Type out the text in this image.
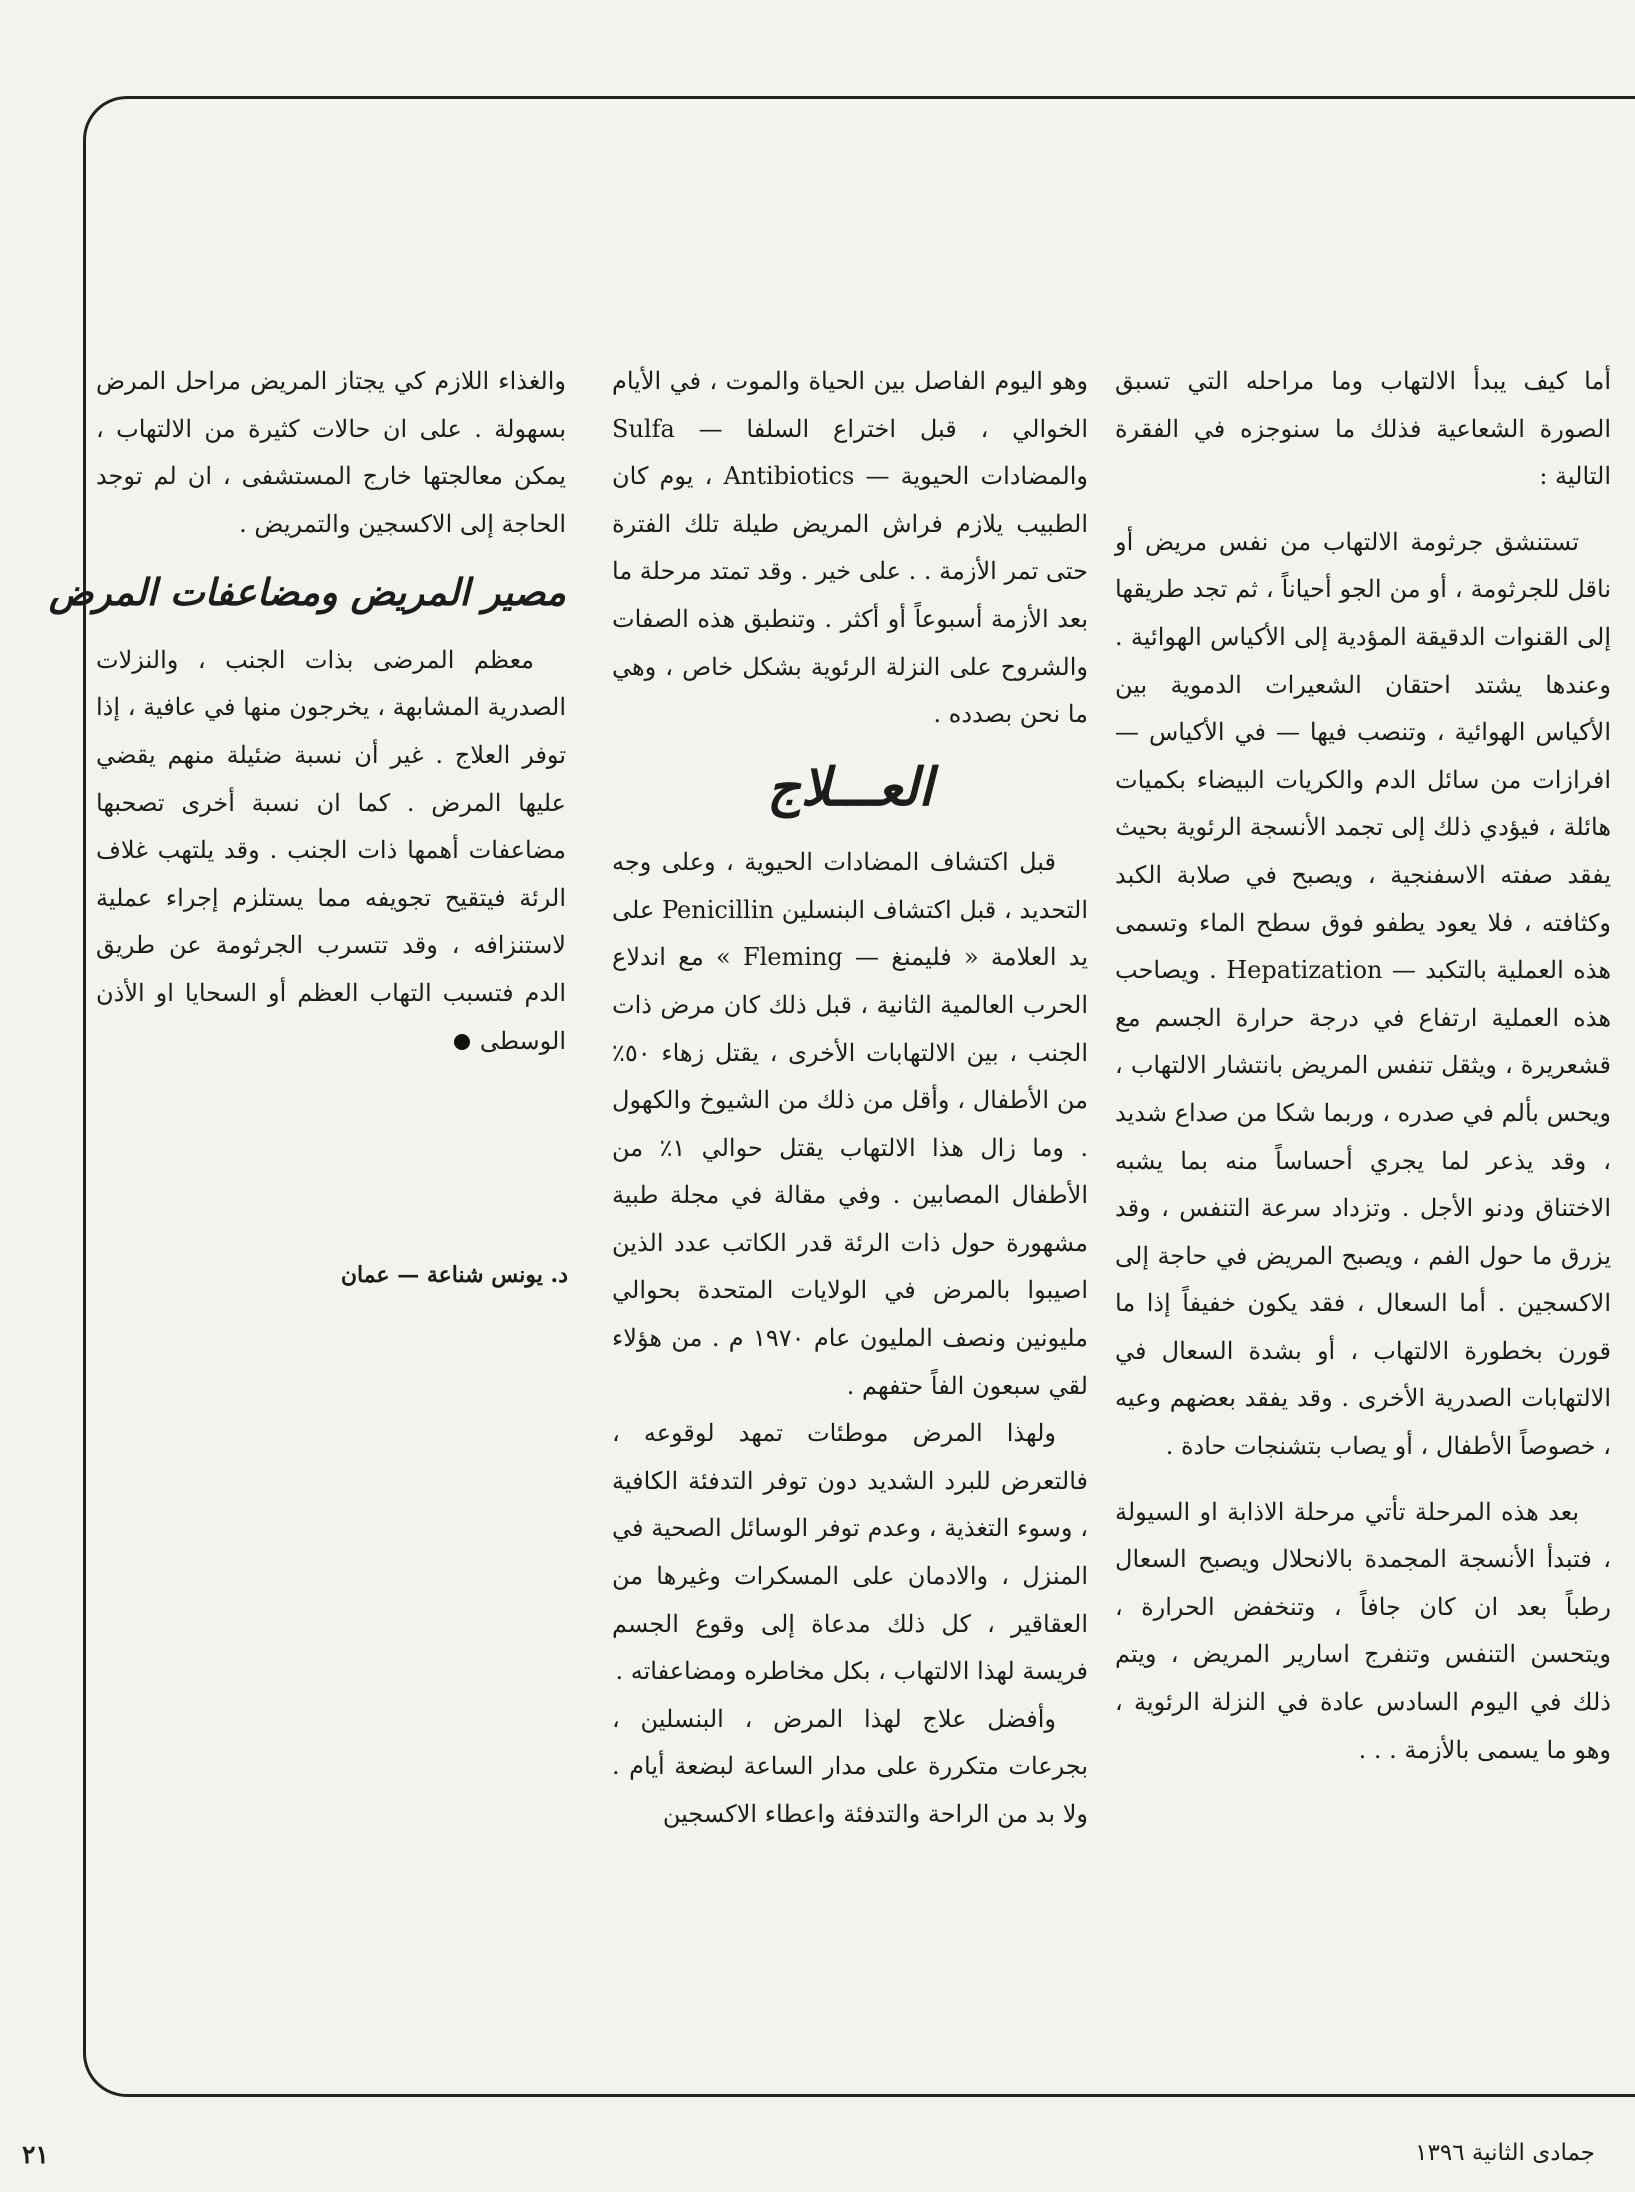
أما كيف يبدأ الالتهاب وما مراحله التي تسبق الصورة الشعاعية فذلك ما سنوجزه في الفقرة التالية :

تستنشق جرثومة الالتهاب من نفس مريض أو ناقل للجرثومة ، أو من الجو أحياناً ، ثم تجد طريقها إلى القنوات الدقيقة المؤدية إلى الأكياس الهوائية . وعندها يشتد احتقان الشعيرات الدموية بين الأكياس الهوائية ، وتنصب فيها — في الأكياس — افرازات من سائل الدم والكريات البيضاء بكميات هائلة ، فيؤدي ذلك إلى تجمد الأنسجة الرئوية بحيث يفقد صفته الاسفنجية ، ويصبح في صلابة الكبد وكثافته ، فلا يعود يطفو فوق سطح الماء وتسمى هذه العملية بالتكبد — Hepatization . ويصاحب هذه العملية ارتفاع في درجة حرارة الجسم مع قشعريرة ، ويثقل تنفس المريض بانتشار الالتهاب ، ويحس بألم في صدره ، وربما شكا من صداع شديد ، وقد يذعر لما يجري أحساساً منه بما يشبه الاختناق ودنو الأجل . وتزداد سرعة التنفس ، وقد يزرق ما حول الفم ، ويصبح المريض في حاجة إلى الاكسجين . أما السعال ، فقد يكون خفيفاً إذا ما قورن بخطورة الالتهاب ، أو بشدة السعال في الالتهابات الصدرية الأخرى . وقد يفقد بعضهم وعيه ، خصوصاً الأطفال ، أو يصاب بتشنجات حادة .

بعد هذه المرحلة تأتي مرحلة الاذابة او السيولة ، فتبدأ الأنسجة المجمدة بالانحلال ويصبح السعال رطباً بعد ان كان جافاً ، وتنخفض الحرارة ، ويتحسن التنفس وتنفرج اسارير المريض ، ويتم ذلك في اليوم السادس عادة في النزلة الرئوية ، وهو ما يسمى بالأزمة . . .

وهو اليوم الفاصل بين الحياة والموت ، في الأيام الخوالي ، قبل اختراع السلفا — Sulfa والمضادات الحيوية — Antibiotics ، يوم كان الطبيب يلازم فراش المريض طيلة تلك الفترة حتى تمر الأزمة . . على خير . وقد تمتد مرحلة ما بعد الأزمة أسبوعاً أو أكثر . وتنطبق هذه الصفات والشروح على النزلة الرئوية بشكل خاص ، وهي ما نحن بصدده .

العـــلاج

قبل اكتشاف المضادات الحيوية ، وعلى وجه التحديد ، قبل اكتشاف البنسلين Penicillin على يد العلامة « فليمنغ — Fleming » مع اندلاع الحرب العالمية الثانية ، قبل ذلك كان مرض ذات الجنب ، بين الالتهابات الأخرى ، يقتل زهاء ٥٠٪ من الأطفال ، وأقل من ذلك من الشيوخ والكهول . وما زال هذا الالتهاب يقتل حوالي ١٪ من الأطفال المصابين . وفي مقالة في مجلة طبية مشهورة حول ذات الرئة قدر الكاتب عدد الذين اصيبوا بالمرض في الولايات المتحدة بحوالي مليونين ونصف المليون عام ١٩٧٠ م . من هؤلاء لقي سبعون الفاً حتفهم .

ولهذا المرض موطئات تمهد لوقوعه ، فالتعرض للبرد الشديد دون توفر التدفئة الكافية ، وسوء التغذية ، وعدم توفر الوسائل الصحية في المنزل ، والادمان على المسكرات وغيرها من العقاقير ، كل ذلك مدعاة إلى وقوع الجسم فريسة لهذا الالتهاب ، بكل مخاطره ومضاعفاته .

وأفضل علاج لهذا المرض ، البنسلين ، بجرعات متكررة على مدار الساعة لبضعة أيام . ولا بد من الراحة والتدفئة واعطاء الاكسجين

والغذاء اللازم كي يجتاز المريض مراحل المرض بسهولة . على ان حالات كثيرة من الالتهاب ، يمكن معالجتها خارج المستشفى ، ان لم توجد الحاجة إلى الاكسجين والتمريض .

مصير المريض ومضاعفات المرض

معظم المرضى بذات الجنب ، والنزلات الصدرية المشابهة ، يخرجون منها في عافية ، إذا توفر العلاج . غير أن نسبة ضئيلة منهم يقضي عليها المرض . كما ان نسبة أخرى تصحبها مضاعفات أهمها ذات الجنب . وقد يلتهب غلاف الرئة فيتقيح تجويفه مما يستلزم إجراء عملية لاستنزافه ، وقد تتسرب الجرثومة عن طريق الدم فتسبب التهاب العظم أو السحايا او الأذن الوسطى

د. يونس شناعة — عمان
جمادى الثانية ١٣٩٦
٢١
